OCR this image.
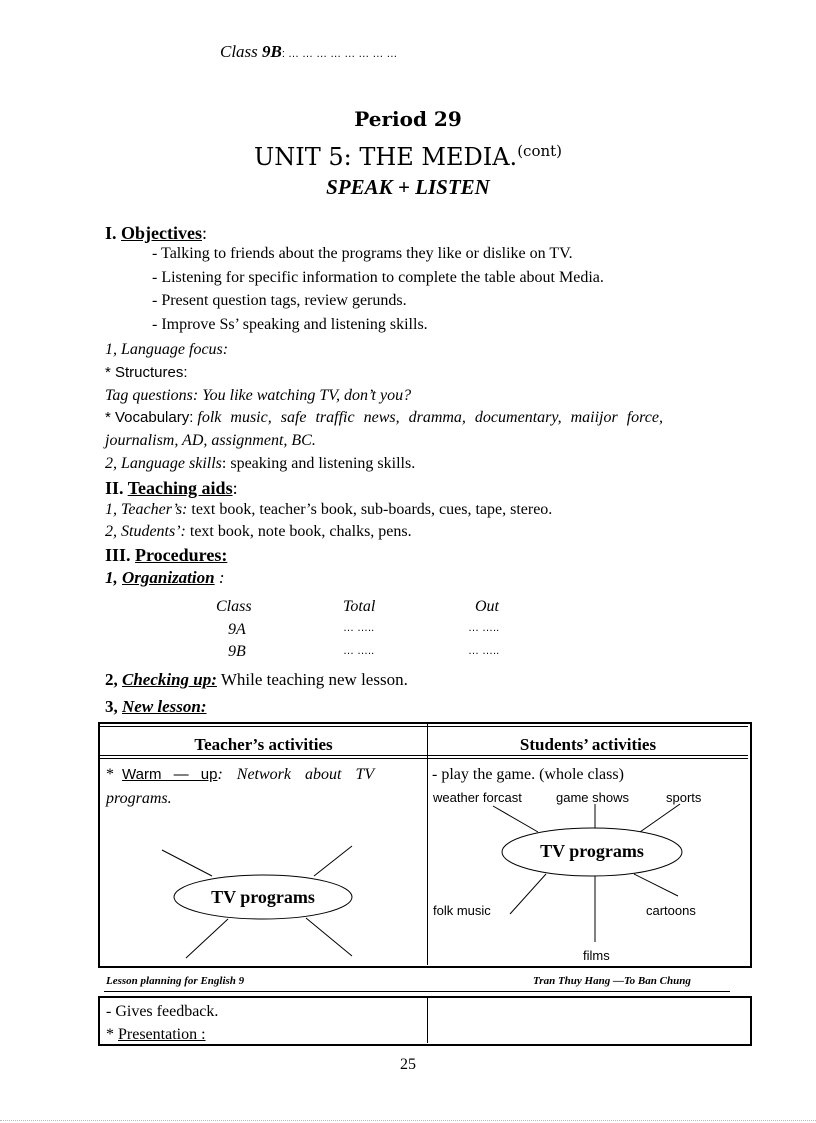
Class 9B: … … … … … … … …
Period 29
UNIT 5: THE MEDIA.$^{(cont)}$
SPEAK + LISTEN
I. Objectives:
- Talking to friends about the programs they like or dislike on TV.
- Listening for specific information to complete the table about Media.
- Present question tags, review gerunds.
- Improve Ss’ speaking and listening skills.
1, Language focus:
* Structures:
Tag questions: You like watching TV, don’t you?
* Vocabulary: folk music, safe traffic news, dramma, documentary, maiijor force,
journalism, AD, assignment, BC.
2, Language skills: speaking and listening skills.
II. Teaching aids:
1, Teacher’s: text book, teacher’s book, sub-boards, cues, tape, stereo.
2, Students’: text book, note book, chalks, pens.
III. Procedures:
1, Organization :
Class	Total	Out
9A	… …..	… …..
9B	… …..	… …..
2, Checking up: While teaching new lesson.
3, New lesson:
Teacher’s activities	Students’ activities
* Warm — up: Network about TV
programs.
TV programs
- play the game. (whole class)
TV programs
weather forcast	game shows	sports
folk music	cartoons
films
Lesson planning for English 9	Tran Thuy Hang —To Ban Chung
- Gives feedback.
* Presentation :
25
